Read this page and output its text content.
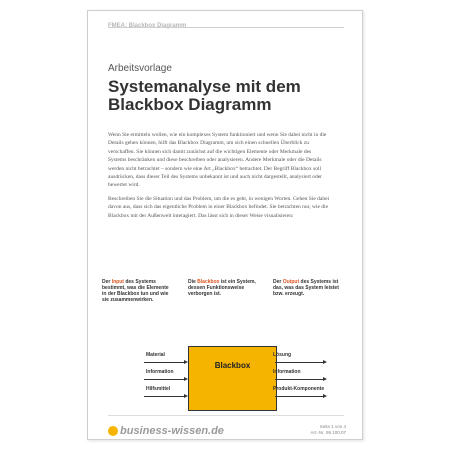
FMEA: Blackbox Diagramm
Arbeitsvorlage
Systemanalyse mit dem
Blackbox Diagramm

Wenn Sie ermitteln wollen, wie ein komplexes System funktioniert und wenn Sie dabei nicht in die Details gehen können, hilft das Blackbox Diagramm, um sich einen schnellen Überblick zu verschaffen. Sie können sich damit zunächst auf die wichtigen Elemente oder Merkmale des Systems beschränken und diese beschreiben oder analysieren. Andere Merkmale oder die Details werden nicht betrachtet – sondern wie eine Art „Blackbox“ betrachtet. Der Begriff Blackbox soll ausdrücken, dass dieser Teil des Systems unbekannt ist und auch nicht dargestellt, analysiert oder bewertet wird.

Beschreiben Sie die Situation und das Problem, um die es geht, in wenigen Worten. Gehen Sie dabei davon aus, dass sich das eigentliche Problem in einer Blackbox befindet. Sie betrachten nur, wie die Blackbox mit der Außenwelt interagiert. Das lässt sich in dieser Weise visualisieren:

Der Input des Systems bestimmt, was die Elemente in der Blackbox tun und wie sie zusammenwirken.
Die Blackbox ist ein System, dessen Funktionsweise verborgen ist.
Der Output des Systems ist das, was das System leistet bzw. erzeugt.
Blackbox
Material
Information
Hilfsmittel
Lösung
Information
Produkt-Komponente
business-wissen.de	Seite 1 von 4
Art.-Nr. 99.100.07
